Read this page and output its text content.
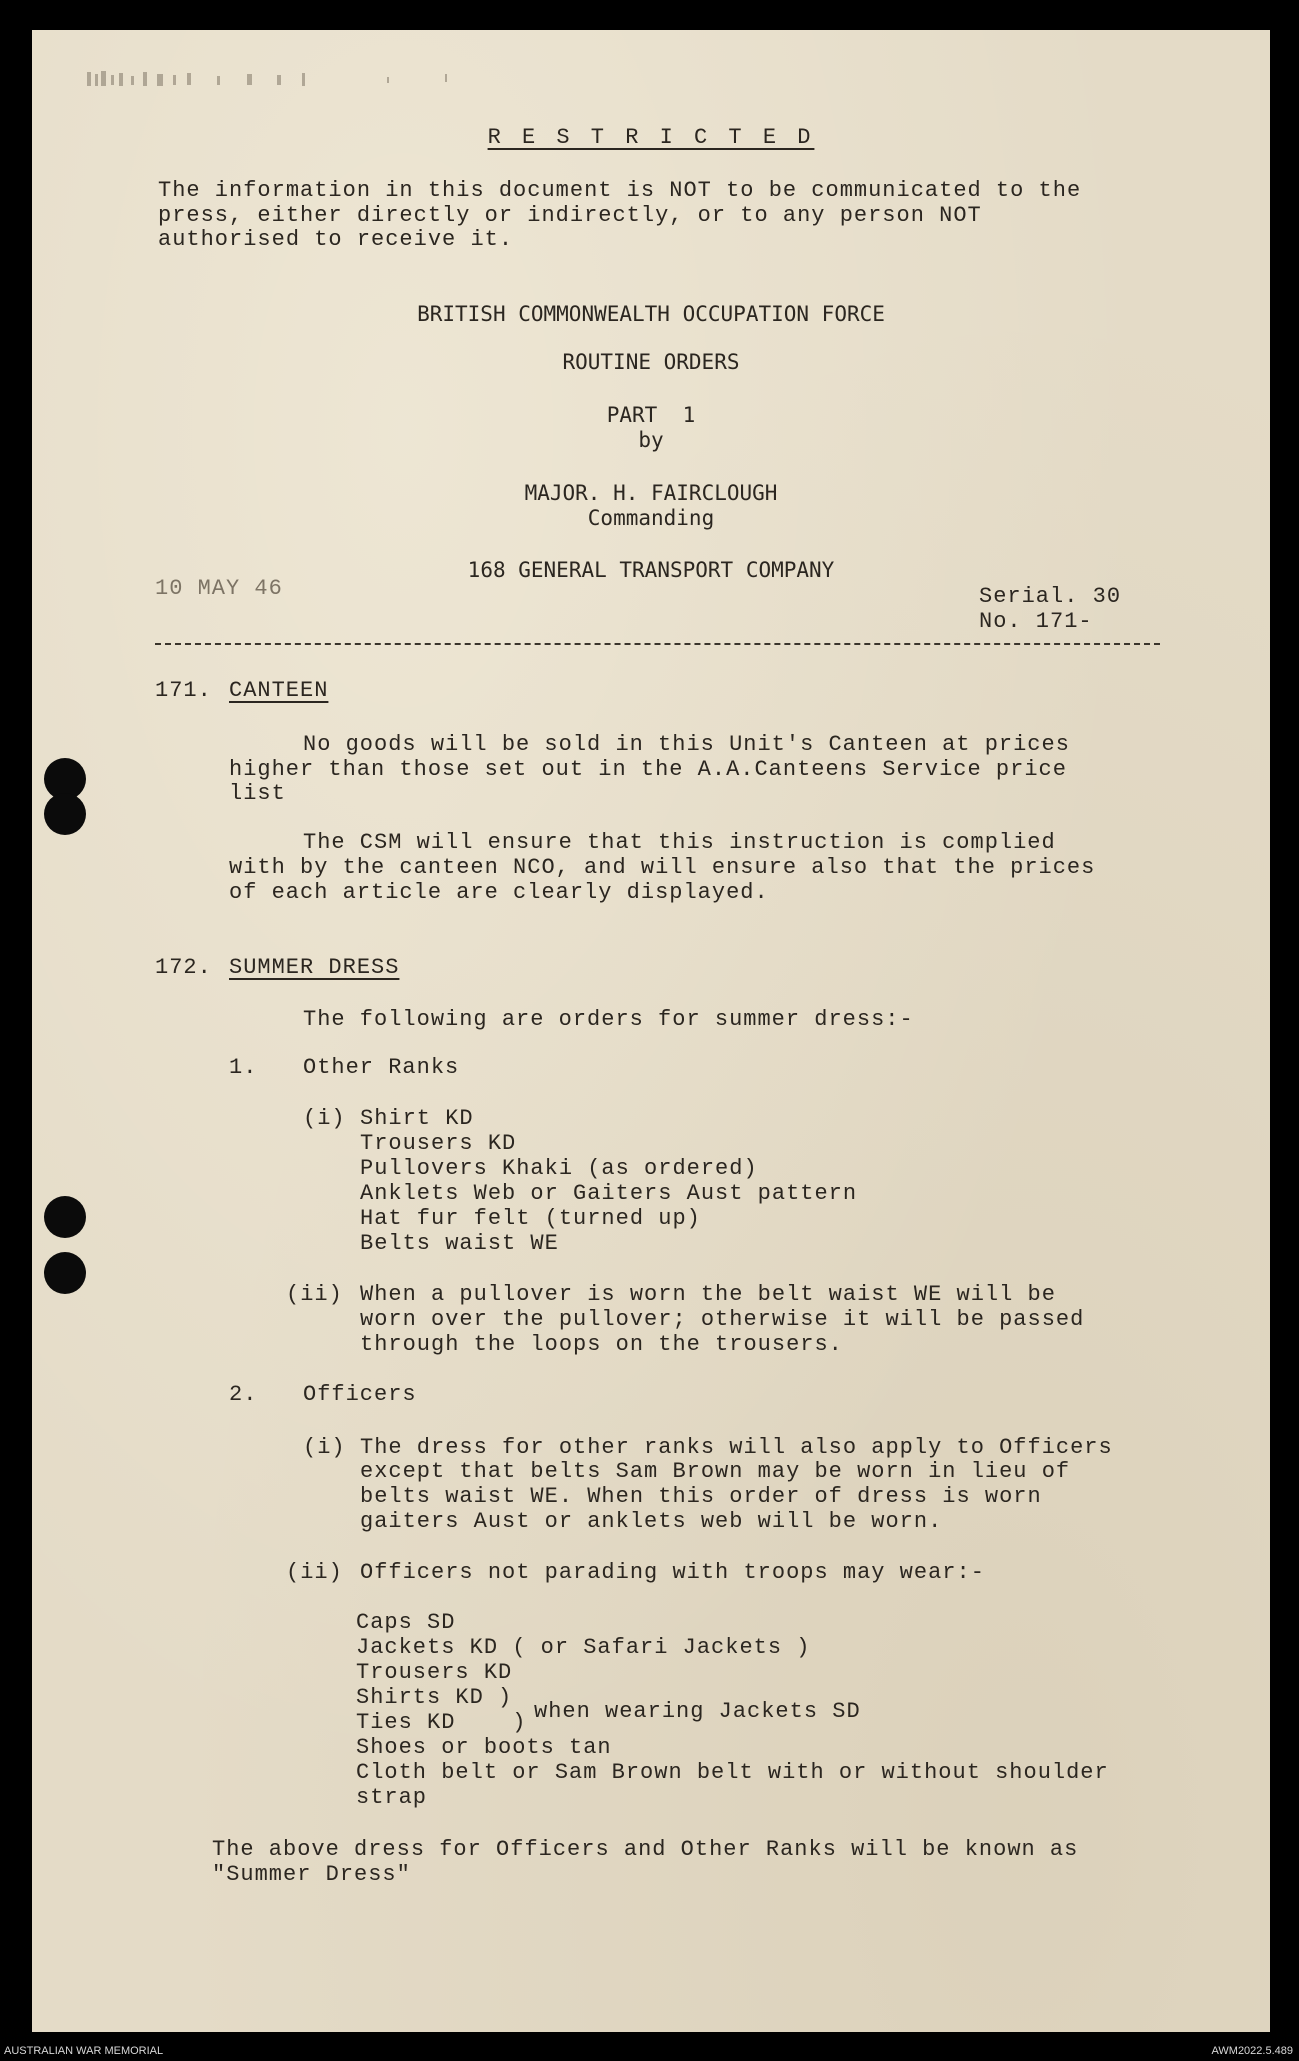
R E S T R I C T E D
The information in this document is NOT to be communicated to the
press, either directly or indirectly, or to any person NOT
authorised to receive it.
BRITISH COMMONWEALTH OCCUPATION FORCE
ROUTINE ORDERS
PART  1
by
MAJOR. H. FAIRCLOUGH
Commanding
168 GENERAL TRANSPORT COMPANY
10 MAY 46	Serial. 30
No. 171-
171. CANTEEN
No goods will be sold in this Unit's Canteen at prices
higher than those set out in the A.A.Canteens Service price
list
The CSM will ensure that this instruction is complied
with by the canteen NCO, and will ensure also that the prices
of each article are clearly displayed.
172. SUMMER DRESS
The following are orders for summer dress:-
1. Other Ranks
(i) Shirt KD
Trousers KD
Pullovers Khaki (as ordered)
Anklets Web or Gaiters Aust pattern
Hat fur felt (turned up)
Belts waist WE
(ii) When a pullover is worn the belt waist WE will be
worn over the pullover; otherwise it will be passed
through the loops on the trousers.
2. Officers
(i) The dress for other ranks will also apply to Officers
except that belts Sam Brown may be worn in lieu of
belts waist WE. When this order of dress is worn
gaiters Aust or anklets web will be worn.
(ii) Officers not parading with troops may wear:-
Caps SD
Jackets KD ( or Safari Jackets )
Trousers KD
Shirts KD )
Ties KD    ) when wearing Jackets SD
Shoes or boots tan
Cloth belt or Sam Brown belt with or without shoulder
strap
The above dress for Officers and Other Ranks will be known as
"Summer Dress"
AUSTRALIAN WAR MEMORIAL	AWM2022.5.489
